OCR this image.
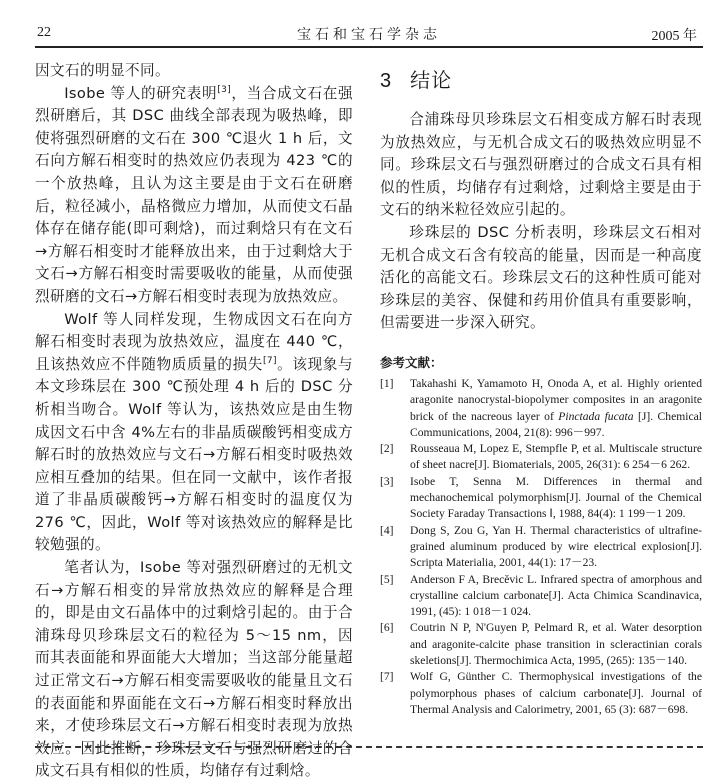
22	宝石和宝石学杂志	2005 年

因文石的明显不同。

Isobe 等人的研究表明[3]，当合成文石在强烈研磨后，其 DSC 曲线全部表现为吸热峰，即使将强烈研磨的文石在 300 ℃退火 1 h 后，文石向方解石相变时的热效应仍表现为 423 ℃的一个放热峰，且认为这主要是由于文石在研磨后，粒径减小，晶格微应力增加，从而使文石晶体存在储存能(即可剩焓)，而过剩焓只有在文石→方解石相变时才能释放出来，由于过剩焓大于文石→方解石相变时需要吸收的能量，从而使强烈研磨的文石→方解石相变时表现为放热效应。

Wolf 等人同样发现，生物成因文石在向方解石相变时表现为放热效应，温度在 440 ℃，且该热效应不伴随物质质量的损失[7]。该现象与本文珍珠层在 300 ℃预处理 4 h 后的 DSC 分析相当吻合。Wolf 等认为，该热效应是由生物成因文石中含 4%左右的非晶质碳酸钙相变成方解石时的放热效应与文石→方解石相变时吸热效应相互叠加的结果。但在同一文献中，该作者报道了非晶质碳酸钙→方解石相变时的温度仅为 276 ℃，因此，Wolf 等对该热效应的解释是比较勉强的。

笔者认为，Isobe 等对强烈研磨过的无机文石→方解石相变的异常放热效应的解释是合理的，即是由文石晶体中的过剩焓引起的。由于合浦珠母贝珍珠层文石的粒径为 5～15 nm，因而其表面能和界面能大大增加；当这部分能量超过正常文石→方解石相变需要吸收的能量且文石的表面能和界面能在文石→方解石相变时释放出来，才使珍珠层文石→方解石相变时表现为放热效应。因此推断，珍珠层文石与强烈研磨过的合成文石具有相似的性质，均储存有过剩焓。

3 结论

合浦珠母贝珍珠层文石相变成方解石时表现为放热效应，与无机合成文石的吸热效应明显不同。珍珠层文石与强烈研磨过的合成文石具有相似的性质，均储存有过剩焓，过剩焓主要是由于文石的纳米粒径效应引起的。

珍珠层的 DSC 分析表明，珍珠层文石相对无机合成文石含有较高的能量，因而是一种高度活化的高能文石。珍珠层文石的这种性质可能对珍珠层的美容、保健和药用价值具有重要影响，但需要进一步深入研究。

参考文献：

[1] Takahashi K, Yamamoto H, Onoda A, et al. Highly oriented aragonite nanocrystal-biopolymer composites in an aragonite brick of the nacreous layer of Pinctada fucata [J]. Chemical Communications, 2004, 21(8): 996－997.

[2] Rousseaua M, Lopez E, Stempfle P, et al. Multiscale structure of sheet nacre[J]. Biomaterials, 2005, 26(31): 6 254－6 262.

[3] Isobe T, Senna M. Differences in thermal and mechanochemical polymorphism[J]. Journal of the Chemical Society Faraday Transactions Ⅰ, 1988, 84(4): 1 199－1 209.

[4] Dong S, Zou G, Yan H. Thermal characteristics of ultrafine-grained aluminum produced by wire electrical explosion[J]. Scripta Materialia, 2001, 44(1): 17－23.

[5] Anderson F A, Brecĕvic L. Infrared spectra of amorphous and crystalline calcium carbonate[J]. Acta Chimica Scandinavica, 1991, (45): 1 018－1 024.

[6] Coutrin N P, N'Guyen P, Pelmard R, et al. Water desorption and aragonite-calcite phase transition in scleractinian corals skeletions[J]. Thermochimica Acta, 1995, (265): 135－140.

[7] Wolf G, Günther C. Thermophysical investigations of the polymorphous phases of calcium carbonate[J]. Journal of Thermal Analysis and Calorimetry, 2001, 65 (3): 687－698.
